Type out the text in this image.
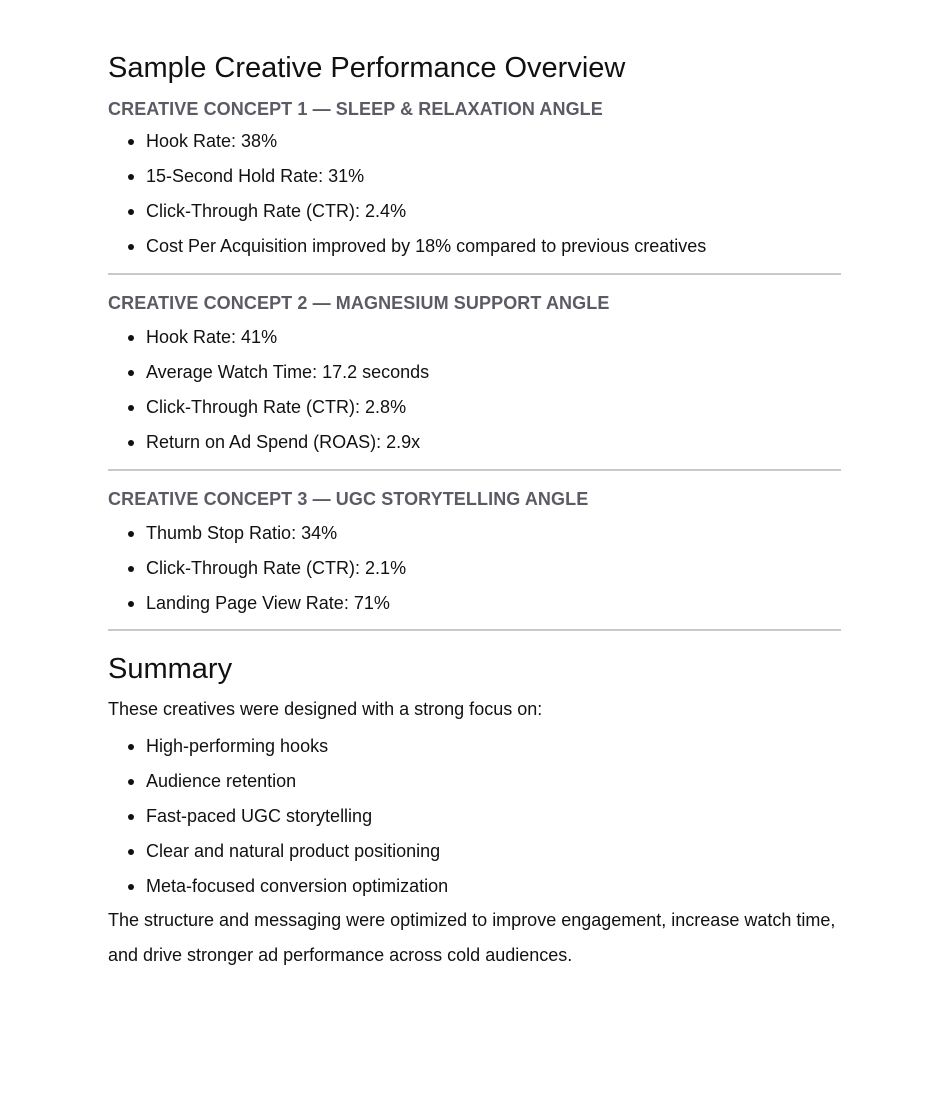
Sample Creative Performance Overview
CREATIVE CONCEPT 1 — SLEEP & RELAXATION ANGLE
Hook Rate: 38%
15-Second Hold Rate: 31%
Click-Through Rate (CTR): 2.4%
Cost Per Acquisition improved by 18% compared to previous creatives
CREATIVE CONCEPT 2 — MAGNESIUM SUPPORT ANGLE
Hook Rate: 41%
Average Watch Time: 17.2 seconds
Click-Through Rate (CTR): 2.8%
Return on Ad Spend (ROAS): 2.9x
CREATIVE CONCEPT 3 — UGC STORYTELLING ANGLE
Thumb Stop Ratio: 34%
Click-Through Rate (CTR): 2.1%
Landing Page View Rate: 71%
Summary

These creatives were designed with a strong focus on:

High-performing hooks
Audience retention
Fast-paced UGC storytelling
Clear and natural product positioning
Meta-focused conversion optimization

The structure and messaging were optimized to improve engagement, increase watch time, and drive stronger ad performance across cold audiences.
